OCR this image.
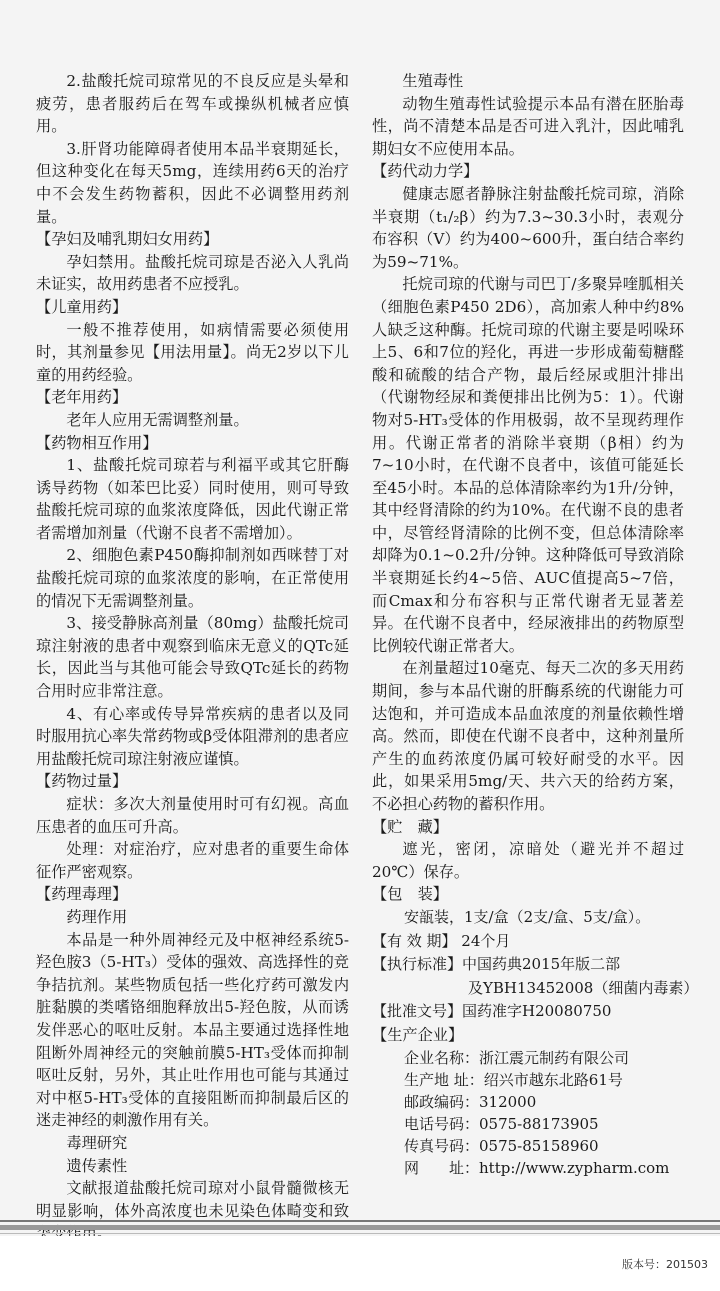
2.盐酸托烷司琼常见的不良反应是头晕和疲劳，患者服药后在驾车或操纵机械者应慎用。

3.肝肾功能障碍者使用本品半衰期延长，但这种变化在每天5mg，连续用药6天的治疗中不会发生药物蓄积，因此不必调整用药剂量。

【孕妇及哺乳期妇女用药】

孕妇禁用。盐酸托烷司琼是否泌入人乳尚未证实，故用药患者不应授乳。

【儿童用药】

一般不推荐使用，如病情需要必须使用时，其剂量参见【用法用量】。尚无2岁以下儿童的用药经验。

【老年用药】

老年人应用无需调整剂量。

【药物相互作用】

1、盐酸托烷司琼若与利福平或其它肝酶诱导药物（如苯巴比妥）同时使用，则可导致盐酸托烷司琼的血浆浓度降低，因此代谢正常者需增加剂量（代谢不良者不需增加）。

2、细胞色素P450酶抑制剂如西咪替丁对盐酸托烷司琼的血浆浓度的影响，在正常使用的情况下无需调整剂量。

3、接受静脉高剂量（80mg）盐酸托烷司琼注射液的患者中观察到临床无意义的QTc延长，因此当与其他可能会导致QTc延长的药物合用时应非常注意。

4、有心率或传导异常疾病的患者以及同时服用抗心率失常药物或β受体阻滞剂的患者应用盐酸托烷司琼注射液应谨慎。

【药物过量】

症状：多次大剂量使用时可有幻视。高血压患者的血压可升高。

处理：对症治疗，应对患者的重要生命体征作严密观察。

【药理毒理】

药理作用

本品是一种外周神经元及中枢神经系统5-羟色胺3（5-HT₃）受体的强效、高选择性的竞争拮抗剂。某些物质包括一些化疗药可激发内脏黏膜的类嗜铬细胞释放出5-羟色胺，从而诱发伴恶心的呕吐反射。本品主要通过选择性地阻断外周神经元的突触前膜5-HT₃受体而抑制呕吐反射，另外，其止吐作用也可能与其通过对中枢5-HT₃受体的直接阻断而抑制最后区的迷走神经的刺激作用有关。

毒理研究

遗传素性

文献报道盐酸托烷司琼对小鼠骨髓微核无明显影响，体外高浓度也未见染色体畸变和致

生殖毒性

动物生殖毒性试验提示本品有潜在胚胎毒性，尚不清楚本品是否可进入乳汁，因此哺乳期妇女不应使用本品。

【药代动力学】

健康志愿者静脉注射盐酸托烷司琼，消除半衰期（t₁/₂β）约为7.3~30.3小时，表观分布容积（V）约为400~600升，蛋白结合率约为59~71%。

托烷司琼的代谢与司巴丁/多聚异喹胍相关（细胞色素P450 2D6），高加索人种中约8%人缺乏这种酶。托烷司琼的代谢主要是吲哚环上5、6和7位的羟化，再进一步形成葡萄糖醛酸和硫酸的结合产物，最后经尿或胆汁排出（代谢物经尿和粪便排出比例为5：1）。代谢物对5-HT₃受体的作用极弱，故不呈现药理作用。代谢正常者的消除半衰期（β相）约为7~10小时，在代谢不良者中，该值可能延长至45小时。本品的总体清除率约为1升/分钟，其中经肾清除的约为10%。在代谢不良的患者中，尽管经肾清除的比例不变，但总体清除率却降为0.1~0.2升/分钟。这种降低可导致消除半衰期延长约4~5倍、AUC值提高5~7倍，而Cmax和分布容积与正常代谢者无显著差异。在代谢不良者中，经尿液排出的药物原型比例较代谢正常者大。

在剂量超过10毫克、每天二次的多天用药期间，参与本品代谢的肝酶系统的代谢能力可达饱和，并可造成本品血浓度的剂量依赖性增高。然而，即使在代谢不良者中，这种剂量所产生的血药浓度仍属可较好耐受的水平。因此，如果采用5mg/天、共六天的给药方案，不必担心药物的蓄积作用。

【贮　藏】

遮光，密闭，凉暗处（避光并不超过20℃）保存。

【包　装】

安瓿装，1支/盒（2支/盒、5支/盒）。

【有 效 期】 24个月

【执行标准】中国药典2015年版二部

及YBH13452008（细菌内毒素）

【批准文号】国药准字H20080750

【生产企业】

企业名称：浙江震元制药有限公司

生产地 址：绍兴市越东北路61号

邮政编码：312000

电话号码：0575-88173905

传真号码：0575-85158960

网　　址：http://www.zypharm.com

版本号：201503
